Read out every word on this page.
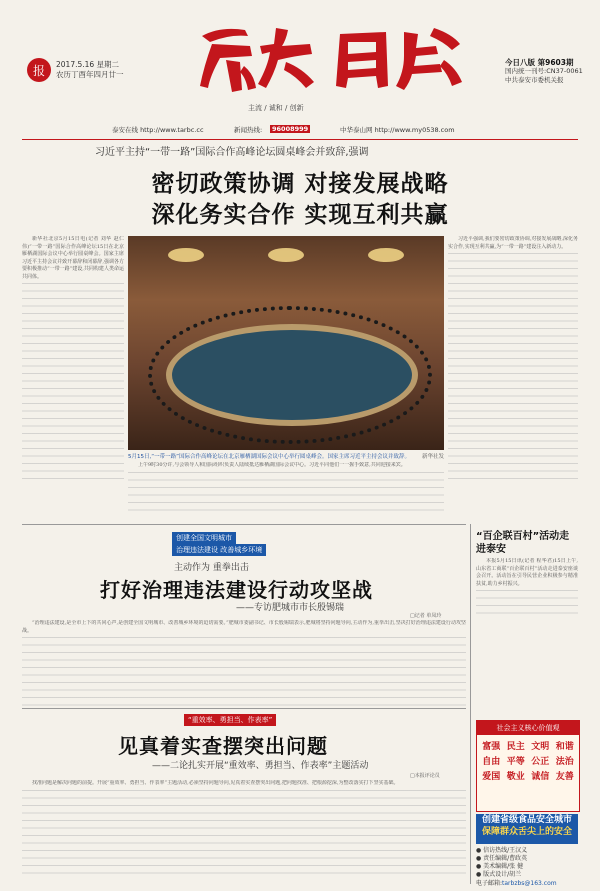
报	2017.5.16 星期二
农历丁酉年四月廿一
主流 / 诚和 / 创新
今日八版 第9603期
国内统一刊号:CN37-0061
中共泰安市委机关报
泰安在线 http://www.tarbc.cc	新闻热线:	96008999	中华泰山网 http://www.my0538.com
习近平主持“一带一路”国际合作高峰论坛圆桌峰会并致辞,强调
密切政策协调 对接发展战略
深化务实合作 实现互利共赢

新华社北京5月15日电(记者 刘华 赵仁伟)“一带一路”国际合作高峰论坛15日在北京雁栖湖国际会议中心举行圆桌峰会。国家主席习近平主持会议并致开幕辞和闭幕辞,强调各方要积极推动“一带一路”建设,共同构建人类命运共同体。

5月15日,“一带一路”国际合作高峰论坛在北京雁栖湖国际会议中心举行圆桌峰会。国家主席习近平主持会议并致辞。 新华社发

习近平强调,我们要密切政策协调,对接发展战略,深化务实合作,实现互利共赢,为“一带一路”建设注入新动力。

上午9时30分许,与会领导人和国际组织负责人陆续抵达雁栖湖国际会议中心。习近平同他们一一握手致意,共同迎接来宾。

创建全国文明城市
治理违法建设 改善城乡环境
主动作为 重拳出击
打好治理违法建设行动攻坚战
——专访肥城市市长殷锡瑞
□记者 单凤玲

“治理违法建设,是全市上下的共同心声,是创建全国文明城市、改善城乡环境的迫切需要。”肥城市委副书记、市长殷锡瑞表示,肥城将坚持问题导向,主动作为,重拳出击,坚决打好治理违法建设行动攻坚战。

“百企联百村”活动走进泰安

本报5月15日讯(记者 程华君)15日上午,山东省工商联“百企联百村”活动走进泰安座谈会召开。活动旨在引导民营企业积极参与精准扶贫,助力乡村振兴。

社会主义核心价值观
富强 民主 文明 和谐
自由 平等 公正 法治
爱国 敬业 诚信 友善
创建省级食品安全城市
保障群众舌尖上的安全
● 信访热线/王汉义
● 责任编辑/曹政英
● 美术编辑/张 健
● 版式设计/胡兰
电子邮箱:tarbzbs@163.com
“重效率、勇担当、作表率”
见真着实查摆突出问题
——二论扎实开展“重效率、勇担当、作表率”主题活动
□本报评论员

找准问题是解决问题的前提。开展“重效率、勇担当、作表率”主题活动,必须坚持问题导向,见真着实查摆突出问题,把问题找准、把根源挖深,为整改落实打下坚实基础。
